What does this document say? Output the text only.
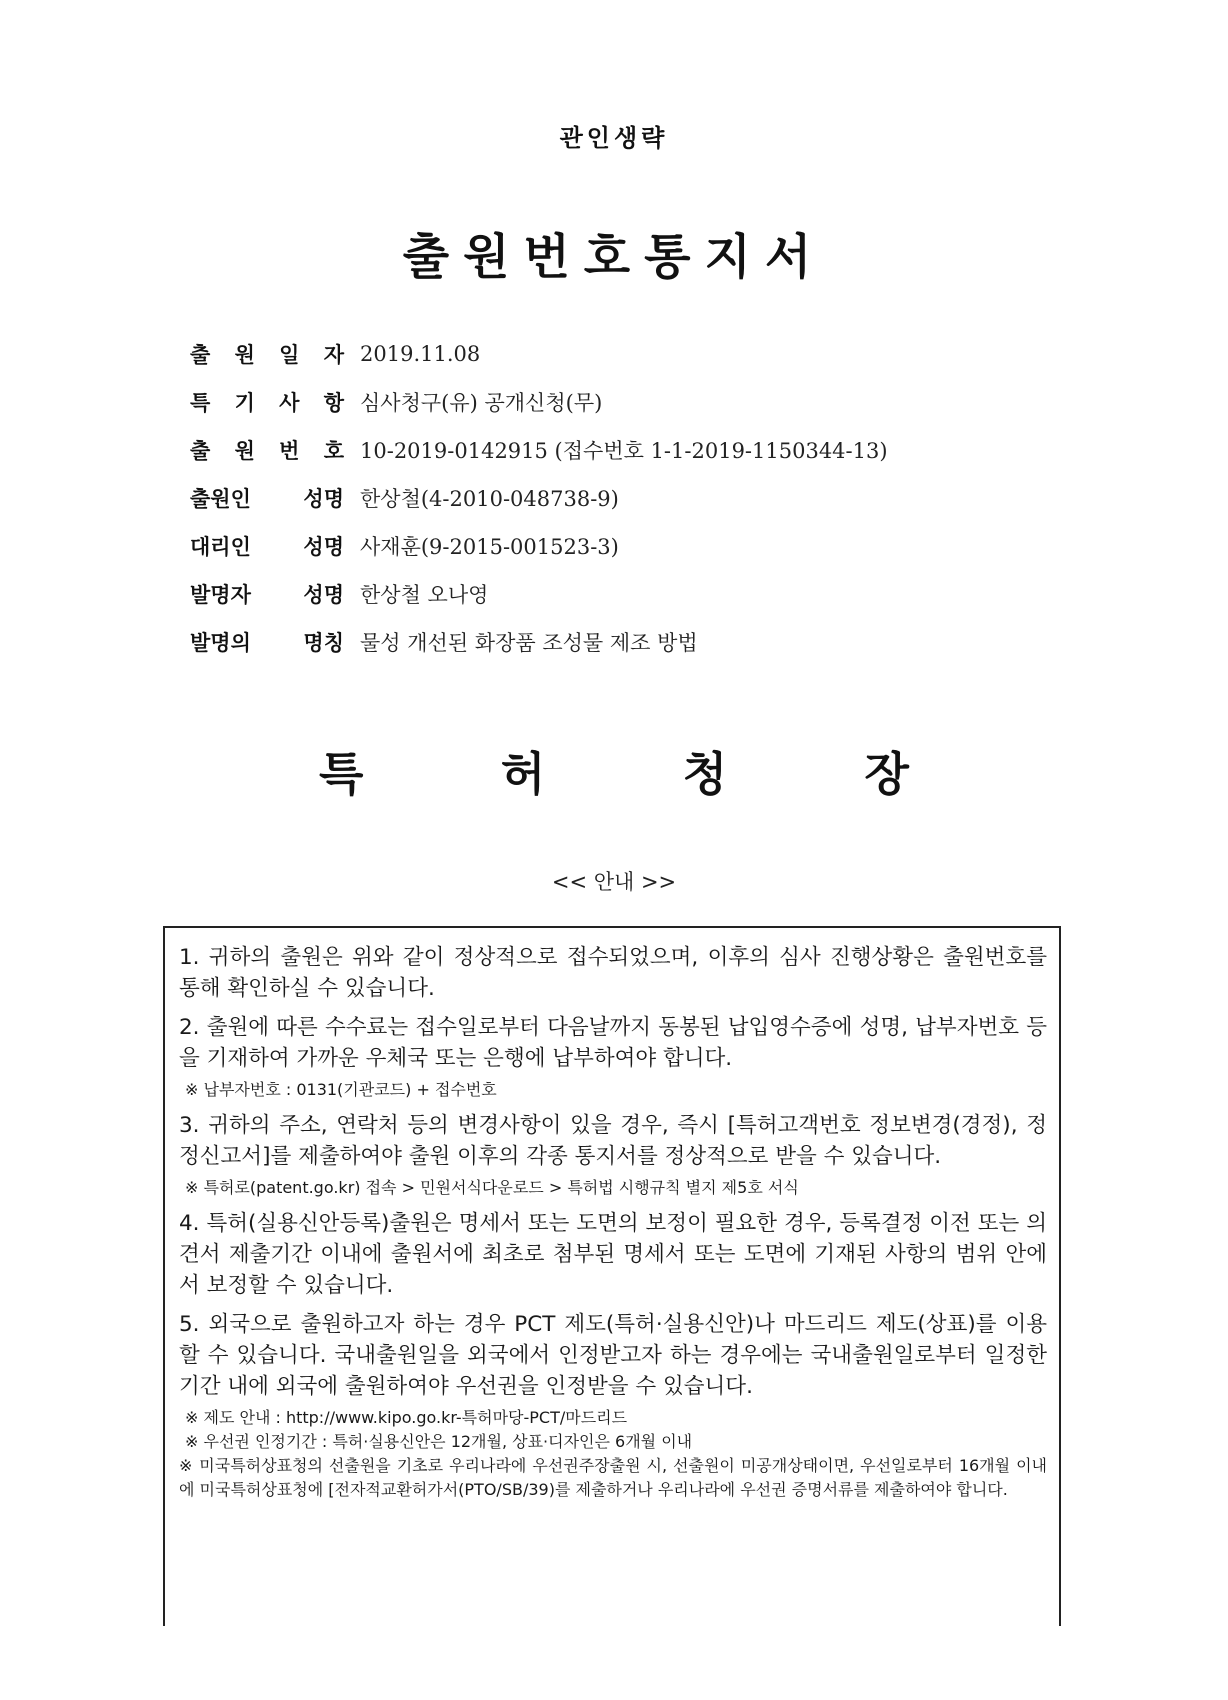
관인생략
출원번호통지서
출 원 일 자 2019.11.08
특 기 사 항 심사청구(유) 공개신청(무)
출 원 번 호 10-2019-0142915 (접수번호 1-1-2019-1150344-13)
출원인	성명 한상철(4-2010-048738-9)
대리인	성명 사재훈(9-2015-001523-3)
발명자	성명 한상철 오나영
발명의	명칭 물성 개선된 화장품 조성물 제조 방법
특	허	청	장
<< 안내 >>
1. 귀하의 출원은 위와 같이 정상적으로 접수되었으며, 이후의 심사 진행상황은 출원번호를 통해 확인하실 수 있습니다.
2. 출원에 따른 수수료는 접수일로부터 다음날까지 동봉된 납입영수증에 성명, 납부자번호 등을 기재하여 가까운 우체국 또는 은행에 납부하여야 합니다.
※ 납부자번호 : 0131(기관코드) + 접수번호
3. 귀하의 주소, 연락처 등의 변경사항이 있을 경우, 즉시 [특허고객번호 정보변경(경정), 정정신고서]를 제출하여야 출원 이후의 각종 통지서를 정상적으로 받을 수 있습니다.
※ 특허로(patent.go.kr) 접속 > 민원서식다운로드 > 특허법 시행규칙 별지 제5호 서식
4. 특허(실용신안등록)출원은 명세서 또는 도면의 보정이 필요한 경우, 등록결정 이전 또는 의견서 제출기간 이내에 출원서에 최초로 첨부된 명세서 또는 도면에 기재된 사항의 범위 안에서 보정할 수 있습니다.
5. 외국으로 출원하고자 하는 경우 PCT 제도(특허·실용신안)나 마드리드 제도(상표)를 이용할 수 있습니다. 국내출원일을 외국에서 인정받고자 하는 경우에는 국내출원일로부터 일정한 기간 내에 외국에 출원하여야 우선권을 인정받을 수 있습니다.
※ 제도 안내 : http://www.kipo.go.kr-특허마당-PCT/마드리드
※ 우선권 인정기간 : 특허·실용신안은 12개월, 상표·디자인은 6개월 이내
※ 미국특허상표청의 선출원을 기초로 우리나라에 우선권주장출원 시, 선출원이 미공개상태이면, 우선일로부터 16개월 이내에 미국특허상표청에 [전자적교환허가서(PTO/SB/39)를 제출하거나 우리나라에 우선권 증명서류를 제출하여야 합니다.
